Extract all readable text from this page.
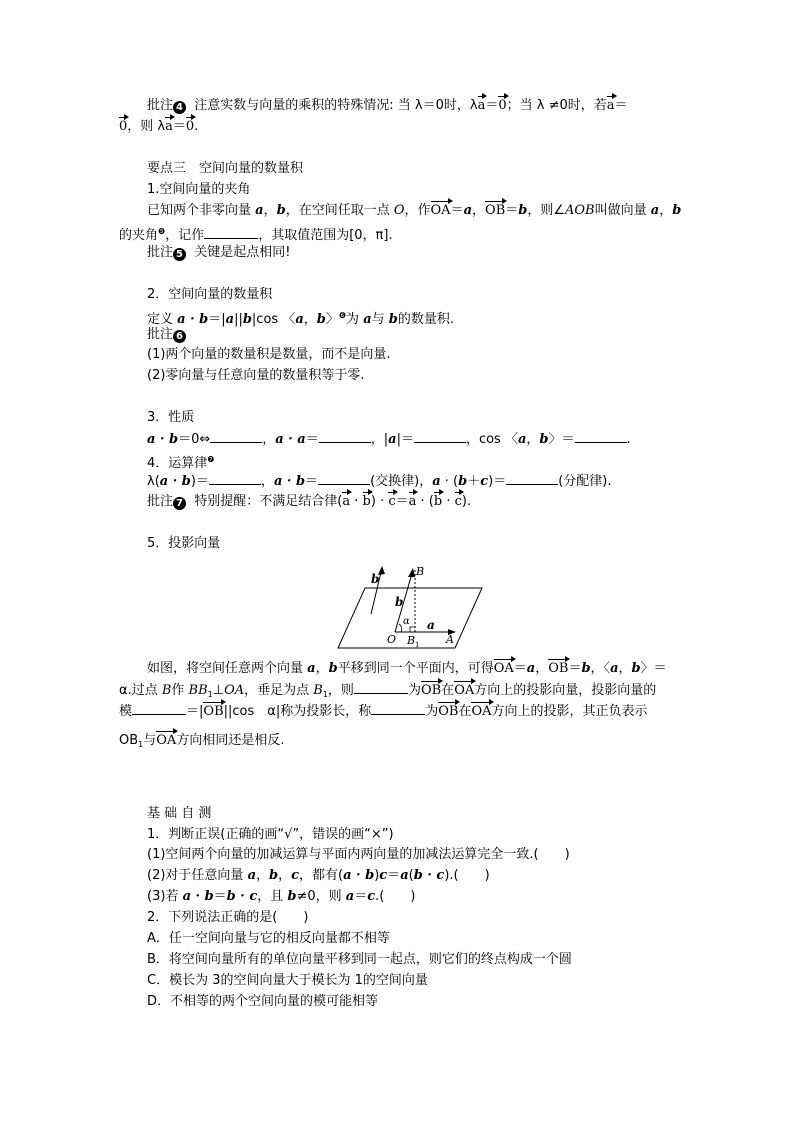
批注 4 注意实数与向量的乘积的特殊情况: 当 λ＝0时，λa＝0；当 λ ≠0时，若a＝
0，则 λa＝0.
要点三　空间向量的数量积
1.空间向量的夹角
已知两个非零向量 a，b，在空间任取一点 O，作OA＝a，OB＝b，则∠AOB叫做向量 a，b
的夹角$^❺$，记作	，其取值范围为[0，π].
批注 5 关键是起点相同!
2．空间向量的数量积
定义 a · b＝|a||b|cos 〈a，b〉$^❻$为 a与 b的数量积.
批注 6
(1)两个向量的数量积是数量，而不是向量.
(2)零向量与任意向量的数量积等于零.
3．性质
a · b＝0⇔	，a · a＝	，|a|＝	，cos 〈a，b〉＝	.
4．运算律$^❼$
λ(a · b)＝	，a · b＝	(交换律)，a · (b＋c)＝	(分配律).
批注 7 特别提醒：不满足结合律(a · b) · c＝a · (b · c).
5．投影向量
b
B
b
α
O B 1
a
A
如图，将空间任意两个向量 a，b平移到同一个平面内，可得OA＝a，OB＝b，〈a，b〉＝
α.过点 B作 $BB_1\perp OA$，垂足为点 $B_1$，则	为OB在OA方向上的投影向量，投影向量的
模	＝|OB||cos　α|称为投影长，称	为OB在OA方向上的投影，其正负表示
$OB_1$与OA方向相同还是相反.
基 础 自 测
1．判断正误(正确的画“√”，错误的画“×”)
(1)空间两个向量的加减运算与平面内两向量的加减法运算完全一致.(　　)
(2)对于任意向量 a，b，c，都有(a · b)c＝a(b · c).(　　)
(3)若 a · b＝b · c，且 b≠0，则 a＝c.(　　)
2．下列说法正确的是(　　)
A．任一空间向量与它的相反向量都不相等
B．将空间向量所有的单位向量平移到同一起点，则它们的终点构成一个圆
C．模长为 3的空间向量大于模长为 1的空间向量
D．不相等的两个空间向量的模可能相等
